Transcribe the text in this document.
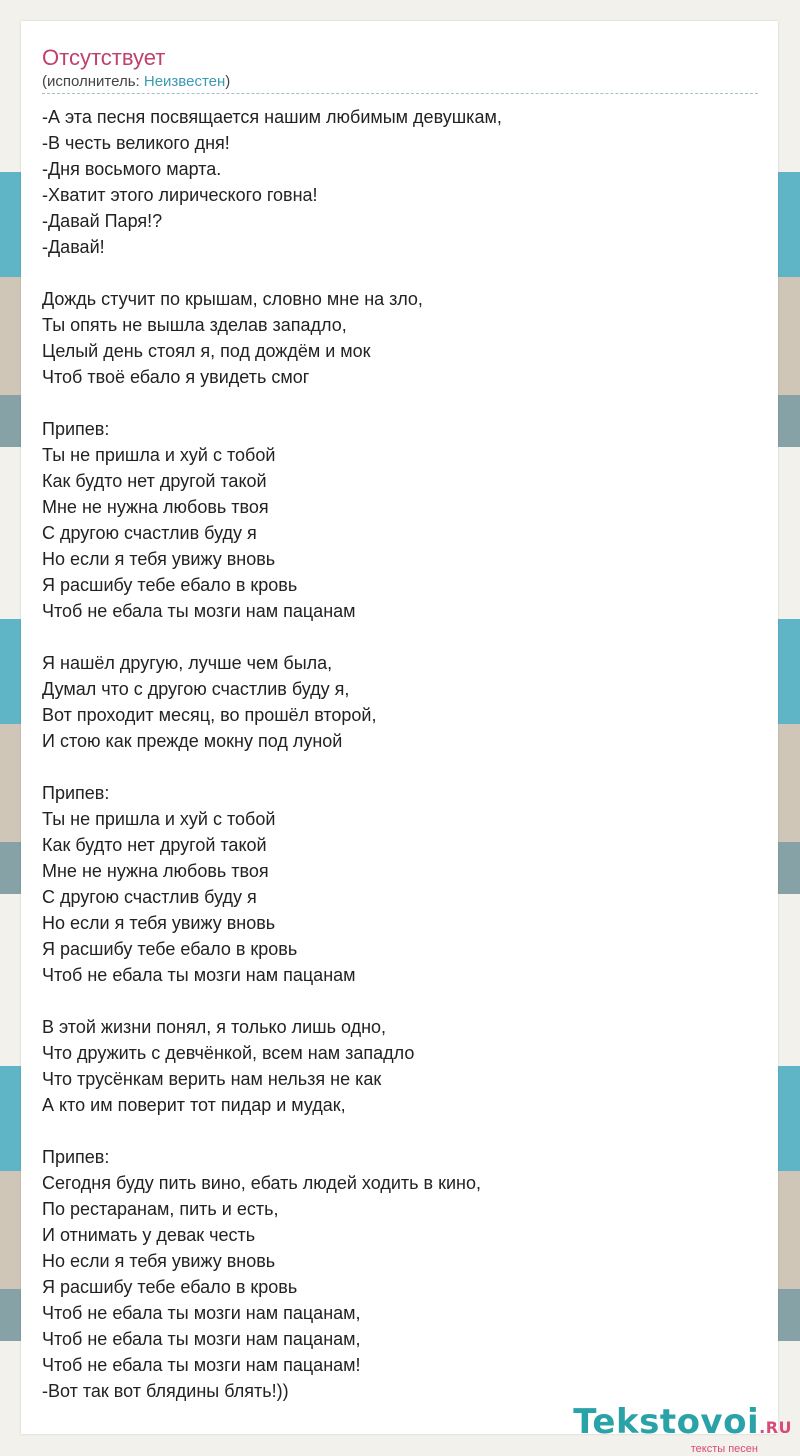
Отсутствует
(исполнитель: Неизвестен)
-А эта песня посвящается нашим любимым девушкам,
-В честь великого дня!
-Дня восьмого марта.
-Хватит этого лирического говна!
-Давай Паря!?
-Давай!
Дождь стучит по крышам, словно мне на зло,
Ты опять не вышла зделав западло,
Целый день стоял я, под дождём и мок
Чтоб твоё ебало я увидеть смог
Припев:
Ты не пришла и хуй с тобой
Как будто нет другой такой
Мне не нужна любовь твоя
С другою счастлив буду я
Но если я тебя увижу вновь
Я расшибу тебе ебало в кровь
Чтоб не ебала ты мозги нам пацанам
Я нашёл другую, лучше чем была,
Думал что с другою счастлив буду я,
Вот проходит месяц, во прошёл второй,
И стою как прежде мокну под луной
Припев:
Ты не пришла и хуй с тобой
Как будто нет другой такой
Мне не нужна любовь твоя
С другою счастлив буду я
Но если я тебя увижу вновь
Я расшибу тебе ебало в кровь
Чтоб не ебала ты мозги нам пацанам
В этой жизни понял, я только лишь одно,
Что дружить с девчёнкой, всем нам западло
Что трусёнкам верить нам нельзя не как
А кто им поверит тот пидар и мудак,
Припев:
Сегодня буду пить вино, ебать людей ходить в кино,
По рестаранам, пить и есть,
И отнимать у девак честь
Но если я тебя увижу вновь
Я расшибу тебе ебало в кровь
Чтоб не ебала ты мозги нам пацанам,
Чтоб не ебала ты мозги нам пацанам,
Чтоб не ебала ты мозги нам пацанам!
-Вот так вот блядины блять!))
Tekstovoi.RU
тексты песен
